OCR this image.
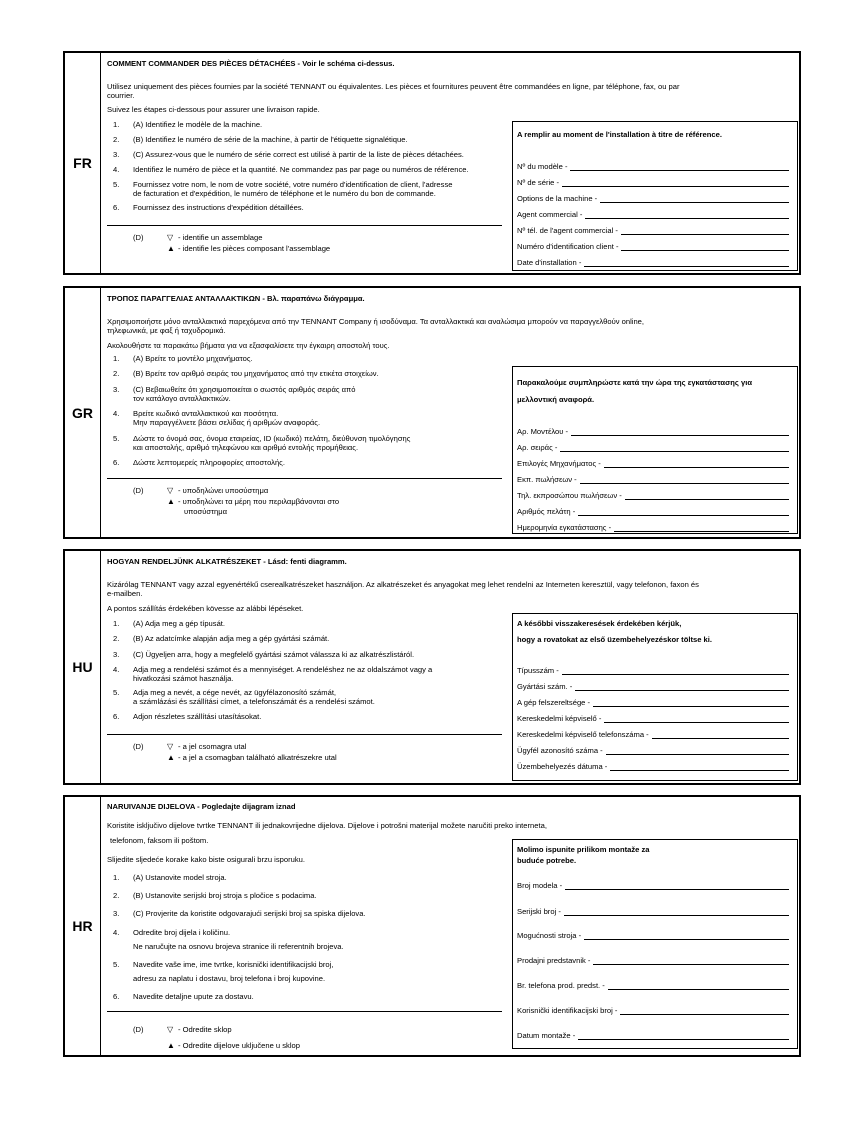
FR
COMMENT COMMANDER DES PIÈCES DÉTACHÉES - Voir le schéma ci-dessus.
Utilisez uniquement des pièces fournies par la société TENNANT ou équivalentes. Les pièces et fournitures peuvent être commandées en ligne, par téléphone, fax, ou par
courrier.
Suivez les étapes ci-dessous pour assurer une livraison rapide.
1. (A) Identifiez le modèle de la machine.
2. (B) Identifiez le numéro de série de la machine, à partir de l'étiquette signalétique.
3. (C) Assurez-vous que le numéro de série correct est utilisé à partir de la liste de pièces détachées.
4. Identifiez le numéro de pièce et la quantité. Ne commandez pas par page ou numéros de référence.
5. Fournissez votre nom, le nom de votre société, votre numéro d'identification de client, l'adresse
de facturation et d'expédition, le numéro de téléphone et le numéro du bon de commande.
6. Fournissez des instructions d'expédition détaillées.
(D)	▽ - identifie un assemblage
▲ - identifie les pièces composant l'assemblage
A remplir au moment de l'installation à titre de référence.
Nº du modèle -
Nº de série -
Options de la machine -
Agent commercial -
Nº tél. de l'agent commercial -
Numéro d'identification client -
Date d'installation -
GR
ΤΡΟΠΟΣ ΠΑΡΑΓΓΕΛΙΑΣ ΑΝΤΑΛΛΑΚΤΙΚΩΝ - Βλ. παραπάνω διάγραμμα.
Χρησιμοποιήστε μόνο ανταλλακτικά παρεχόμενα από την TENNANT Company ή ισοδύναμα. Τα ανταλλακτικά και αναλώσιμα μπορούν να παραγγελθούν online,
τηλεφωνικά, με φαξ ή ταχυδρομικά.
Ακολουθήστε τα παρακάτω βήματα για να εξασφαλίσετε την έγκαιρη αποστολή τους.
1. (A) Βρείτε το μοντέλο μηχανήματος.
2. (B) Βρείτε τον αριθμό σειράς του μηχανήματος από την ετικέτα στοιχείων.
3. (C) Βεβαιωθείτε ότι χρησιμοποιείται ο σωστός αριθμός σειράς από
τον κατάλογο ανταλλακτικών.
4. Βρείτε κωδικό ανταλλακτικού και ποσότητα.
Μην παραγγέλνετε βάσει σελίδας ή αριθμών αναφοράς.
5. Δώστε το όνομά σας, όνομα εταιρείας, ID (κωδικό) πελάτη, διεύθυνση τιμολόγησης
και αποστολής, αριθμό τηλεφώνου και αριθμό εντολής προμήθειας.
6. Δώστε λεπτομερείς πληροφορίες αποστολής.
(D)	▽ - υποδηλώνει υποσύστημα
▲ - υποδηλώνει τα μέρη που περιλαμβάνονται στο
υποσύστημα
Παρακαλούμε συμπληρώστε κατά την ώρα της εγκατάστασης για
μελλοντική αναφορά.
Αρ. Μοντέλου -
Αρ. σειράς -
Επιλογές Μηχανήματος -
Εκπ. πωλήσεων -
Τηλ. εκπροσώπου πωλήσεων -
Αριθμός πελάτη -
Ημερομηνία εγκατάστασης -
HU
HOGYAN RENDELJÜNK ALKATRÉSZEKET - Lásd: fenti diagramm.
Kizárólag TENNANT vagy azzal egyenértékű cserealkatrészeket használjon. Az alkatrészeket és anyagokat meg lehet rendelni az Interneten keresztül, vagy telefonon, faxon és
e-mailben.
A pontos szállítás érdekében kövesse az alábbi lépéseket.
1. (A) Adja meg a gép típusát.
2. (B) Az adatcímke alapján adja meg a gép gyártási számát.
3. (C) Ügyeljen arra, hogy a megfelelő gyártási számot válassza ki az alkatrészlistáról.
4. Adja meg a rendelési számot és a mennyiséget. A rendeléshez ne az oldalszámot vagy a
hivatkozási számot használja.
5. Adja meg a nevét, a cége nevét, az ügyfélazonosító számát,
a számlázási és szállítási címet, a telefonszámát és a rendelési számot.
6. Adjon részletes szállítási utasításokat.
(D)	▽ - a jel csomagra utal
▲ - a jel a csomagban található alkatrészekre utal
A későbbi visszakeresések érdekében kérjük,
hogy a rovatokat az első üzembehelyezéskor töltse ki.
Típusszám -
Gyártási szám. -
A gép felszereltsége -
Kereskedelmi képviselő -
Kereskedelmi képviselő telefonszáma -
Ügyfél azonosító száma -
Üzembehelyezés dátuma -
HR
NARUIVANJE DIJELOVA - Pogledajte dijagram iznad
Koristite isključivo dijelove tvrtke TENNANT ili jednakovrijedne dijelova. Dijelove i potrošni materijal možete naručiti preko interneta,
telefonom, faksom ili poštom.
Slijedite sljedeće korake kako biste osigurali brzu isporuku.
1. (A) Ustanovite model stroja.
2. (B) Ustanovite serijski broj stroja s pločice s podacima.
3. (C) Provjerite da koristite odgovarajući serijski broj sa spiska dijelova.
4. Odredite broj dijela i količinu.
Ne naručujte na osnovu brojeva stranice ili referentnih brojeva.
5. Navedite vaše ime, ime tvrtke, korisnički identifikacijski broj,
adresu za naplatu i dostavu, broj telefona i broj kupovine.
6. Navedite detaljne upute za dostavu.
(D)	▽ - Odredite sklop
▲ - Odredite dijelove uključene u sklop
Molimo ispunite prilikom montaže za
buduće potrebe.
Broj modela -
Serijski broj -
Mogućnosti stroja -
Prodajni predstavnik -
Br. telefona prod. predst. -
Korisnički identifikacijski broj -
Datum montaže -
